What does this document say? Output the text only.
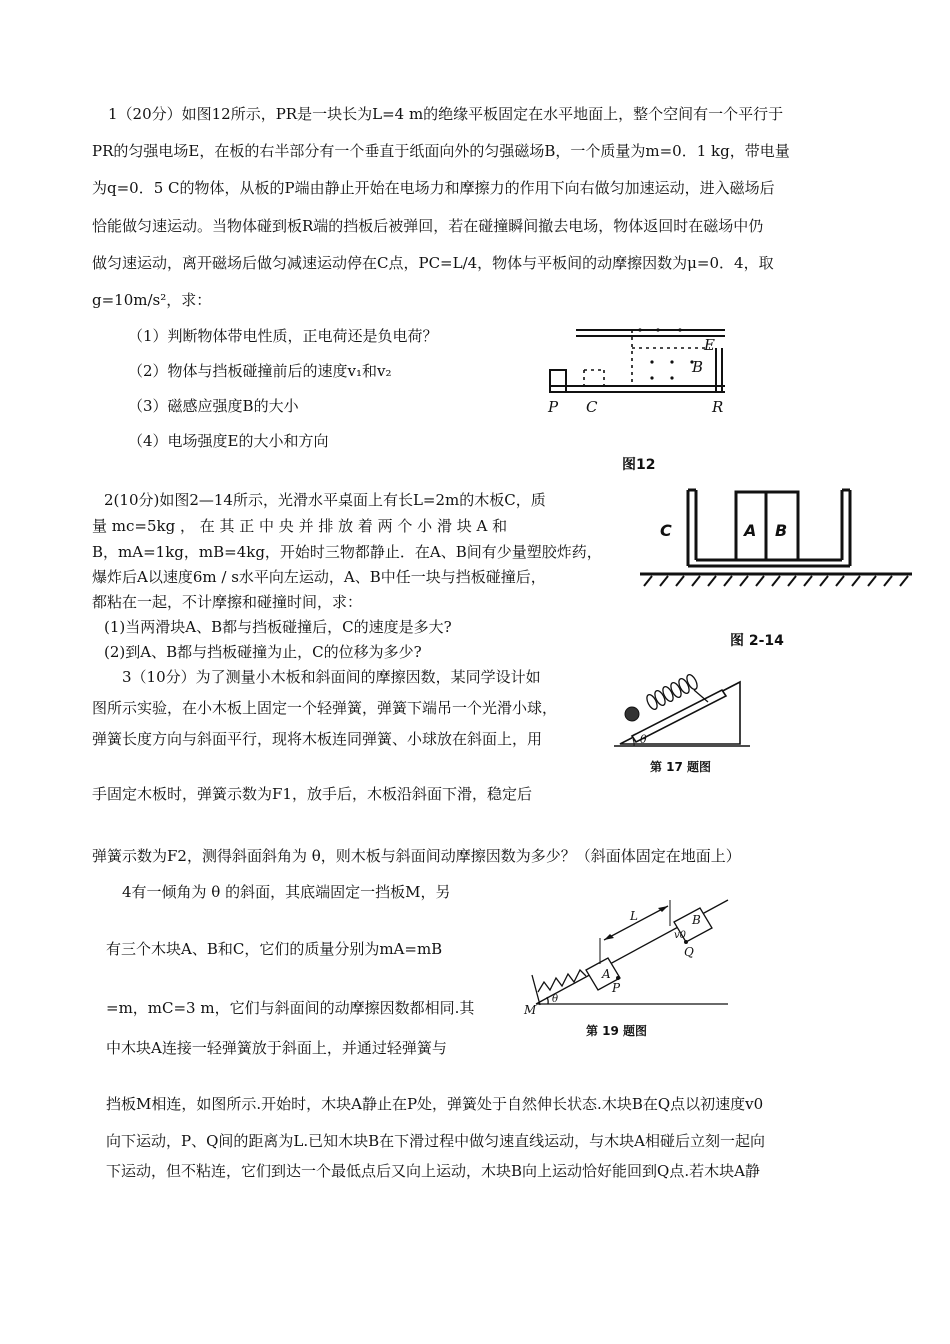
1（20分）如图12所示，PR是一块长为L=4 m的绝缘平板固定在水平地面上，整个空间有一个平行于
PR的匀强电场E，在板的右半部分有一个垂直于纸面向外的匀强磁场B，一个质量为m=0．1 kg，带电量
为q=0．5 C的物体，从板的P端由静止开始在电场力和摩擦力的作用下向右做匀加速运动，进入磁场后
恰能做匀速运动。当物体碰到板R端的挡板后被弹回，若在碰撞瞬间撤去电场，物体返回时在磁场中仍
做匀速运动，离开磁场后做匀减速运动停在C点，PC=L/4，物体与平板间的动摩擦因数为μ=0．4，取
g=10m/s²，求：
（1）判断物体带电性质，正电荷还是负电荷？
（2）物体与挡板碰撞前后的速度v₁和v₂
（3）磁感应强度B的大小
（4）电场强度E的大小和方向
P C	R
E
B
图12
2(10分)如图2—14所示，光滑水平桌面上有长L=2m的木板C，质
量 mc=5kg ， 在 其 正 中 央 并 排 放 着 两 个 小 滑 块 A 和
B，mA=1kg，mB=4kg，开始时三物都静止．在A、B间有少量塑胶炸药，
爆炸后A以速度6m / s水平向左运动，A、B中任一块与挡板碰撞后，
都粘在一起，不计摩擦和碰撞时间，求：
(1)当两滑块A、B都与挡板碰撞后，C的速度是多大?
(2)到A、B都与挡板碰撞为止，C的位移为多少?
C	A B
图 2-14
3（10分）为了测量小木板和斜面间的摩擦因数，某同学设计如
图所示实验，在小木板上固定一个轻弹簧，弹簧下端吊一个光滑小球，
弹簧长度方向与斜面平行，现将木板连同弹簧、小球放在斜面上，用
手固定木板时，弹簧示数为F1，放手后，木板沿斜面下滑，稳定后
弹簧示数为F2，测得斜面斜角为 θ，则木板与斜面间动摩擦因数为多少？（斜面体固定在地面上）
θ
第 17 题图
4有一倾角为 θ 的斜面，其底端固定一挡板M，另
有三个木块A、B和C，它们的质量分别为mA=mB
=m，mC=3 m，它们与斜面间的动摩擦因数都相同.其
中木块A连接一轻弹簧放于斜面上，并通过轻弹簧与
挡板M相连，如图所示.开始时，木块A静止在P处，弹簧处于自然伸长状态.木块B在Q点以初速度v0
向下运动，P、Q间的距离为L.已知木块B在下滑过程中做匀速直线运动，与木块A相碰后立刻一起向
下运动，但不粘连，它们到达一个最低点后又向上运动，木块B向上运动恰好能回到Q点.若木块A静
L	B
v0
A
Q
P
M
θ
第 19 题图
